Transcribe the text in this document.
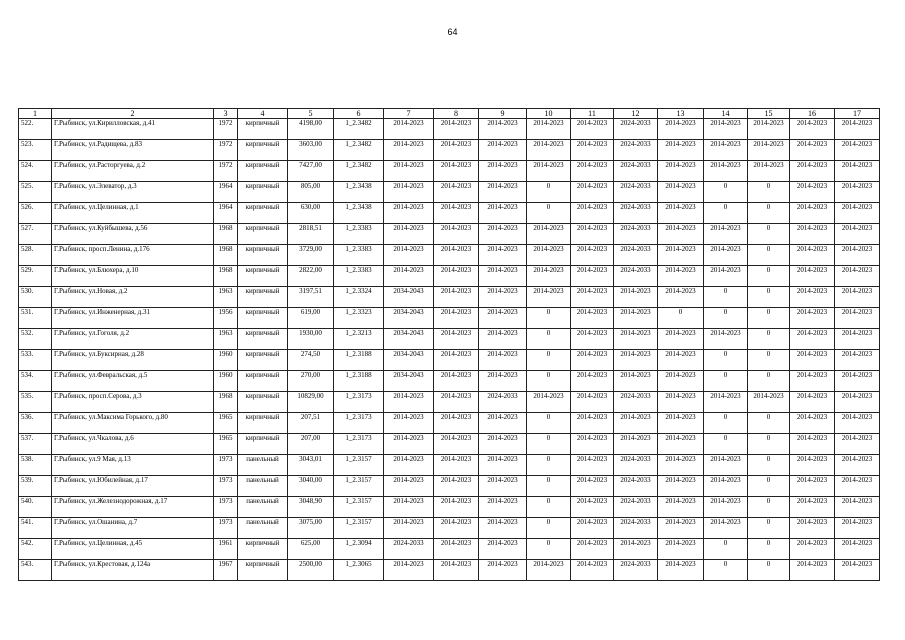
64
1	2	3	4	5	6	7	8	9	10	11	12	13	14	15	16	17
522.	Г.Рыбинск, ул.Кирилловская, д.41	1972	кирпичный	4198,00	1_2.3482	2014-2023	2014-2023	2014-2023	2014-2023	2014-2023	2024-2033	2014-2023	2014-2023	2014-2023	2014-2023	2014-2023
523.	Г.Рыбинск, ул.Радищева, д.83	1972	кирпичный	3603,00	1_2.3482	2014-2023	2014-2023	2014-2023	2014-2023	2014-2023	2024-2033	2014-2023	2014-2023	2014-2023	2014-2023	2014-2023
524.	Г.Рыбинск, ул.Расторгуева, д.2	1972	кирпичный	7427,00	1_2.3482	2014-2023	2014-2023	2014-2023	2014-2023	2014-2023	2024-2033	2014-2023	2014-2023	2014-2023	2014-2023	2014-2023
525.	Г.Рыбинск, ул.Элеватор, д.3	1964	кирпичный	805,00	1_2.3438	2014-2023	2014-2023	2014-2023	0	2014-2023	2024-2033	2014-2023	0	0	2014-2023	2014-2023
526.	Г.Рыбинск, ул.Целинная, д.1	1964	кирпичный	630,00	1_2.3438	2014-2023	2014-2023	2014-2023	0	2014-2023	2024-2033	2014-2023	0	0	2014-2023	2014-2023
527.	Г.Рыбинск, ул.Куйбышева, д.56	1968	кирпичный	2818,51	1_2.3383	2014-2023	2014-2023	2014-2023	2014-2023	2014-2023	2024-2033	2014-2023	2014-2023	0	2014-2023	2014-2023
528.	Г.Рыбинск, просп.Ленина, д.176	1968	кирпичный	3729,00	1_2.3383	2014-2023	2014-2023	2014-2023	2014-2023	2014-2023	2024-2033	2014-2023	2014-2023	0	2014-2023	2014-2023
529.	Г.Рыбинск, ул.Блюхера, д.10	1968	кирпичный	2822,00	1_2.3383	2014-2023	2014-2023	2014-2023	2014-2023	2014-2023	2024-2033	2014-2023	2014-2023	0	2014-2023	2014-2023
530.	Г.Рыбинск, ул.Новая, д.2	1963	кирпичный	3197,51	1_2.3324	2034-2043	2014-2023	2014-2023	2014-2023	2014-2023	2014-2023	2014-2023	0	0	2014-2023	2014-2023
531.	Г.Рыбинск, ул.Инженерная, д.31	1956	кирпичный	619,00	1_2.3323	2034-2043	2014-2023	2014-2023	0	2014-2023	2014-2023	0	0	0	2014-2023	2014-2023
532.	Г.Рыбинск, ул.Гоголя, д.2	1963	кирпичный	1930,00	1_2.3213	2034-2043	2014-2023	2014-2023	0	2014-2023	2014-2023	2014-2023	2014-2023	0	2014-2023	2014-2023
533.	Г.Рыбинск, ул.Буксирная, д.28	1960	кирпичный	274,50	1_2.3188	2034-2043	2014-2023	2014-2023	0	2014-2023	2014-2023	2014-2023	0	0	2014-2023	2014-2023
534.	Г.Рыбинск, ул.Февральская, д.5	1960	кирпичный	270,00	1_2.3188	2034-2043	2014-2023	2014-2023	0	2014-2023	2014-2023	2014-2023	0	0	2014-2023	2014-2023
535.	Г.Рыбинск, просп.Серова, д.3	1968	кирпичный	10829,00	1_2.3173	2014-2023	2014-2023	2024-2033	2014-2023	2014-2023	2024-2033	2014-2023	2014-2023	2014-2023	2014-2023	2014-2023
536.	Г.Рыбинск, ул.Максима Горького, д.80	1965	кирпичный	207,51	1_2.3173	2014-2023	2014-2023	2014-2023	0	2014-2023	2014-2023	2014-2023	0	0	2014-2023	2014-2023
537.	Г.Рыбинск, ул.Чкалова, д.6	1965	кирпичный	207,00	1_2.3173	2014-2023	2014-2023	2014-2023	0	2014-2023	2014-2023	2014-2023	0	0	2014-2023	2014-2023
538.	Г.Рыбинск, ул.9 Мая, д.13	1973	панельный	3043,01	1_2.3157	2014-2023	2014-2023	2014-2023	0	2014-2023	2024-2033	2014-2023	2014-2023	0	2014-2023	2014-2023
539.	Г.Рыбинск, ул.Юбилейная, д.17	1973	панельный	3040,00	1_2.3157	2014-2023	2014-2023	2014-2023	0	2014-2023	2024-2033	2014-2023	2014-2023	0	2014-2023	2014-2023
540.	Г.Рыбинск, ул.Железнодорожная, д.17	1973	панельный	3048,90	1_2.3157	2014-2023	2014-2023	2014-2023	0	2014-2023	2024-2033	2014-2023	2014-2023	0	2014-2023	2014-2023
541.	Г.Рыбинск, ул.Ошанина, д.7	1973	панельный	3075,00	1_2.3157	2014-2023	2014-2023	2014-2023	0	2014-2023	2024-2033	2014-2023	2014-2023	0	2014-2023	2014-2023
542.	Г.Рыбинск, ул.Целинная, д.45	1961	кирпичный	625,00	1_2.3094	2024-2033	2014-2023	2014-2023	0	2014-2023	2014-2023	2014-2023	0	0	2014-2023	2014-2023
543.	Г.Рыбинск, ул.Крестовая, д.124а	1967	кирпичный	2500,00	1_2.3065	2014-2023	2014-2023	2014-2023	2014-2023	2014-2023	2024-2033	2014-2023	0	0	2014-2023	2014-2023
